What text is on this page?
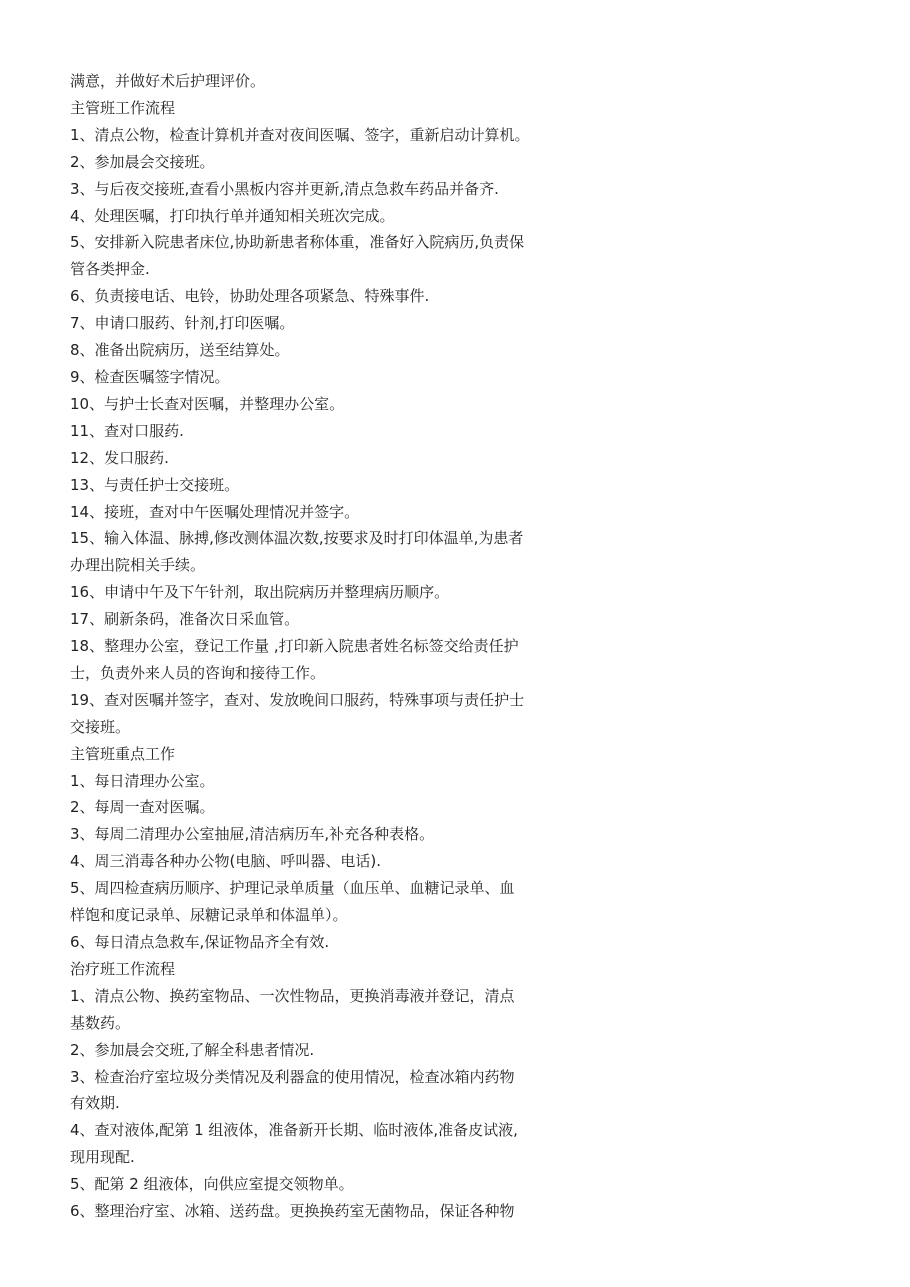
满意，并做好术后护理评价。
主管班工作流程
1、清点公物，检查计算机并查对夜间医嘱、签字，重新启动计算机。
2、参加晨会交接班。
3、与后夜交接班,查看小黑板内容并更新,清点急救车药品并备齐.
4、处理医嘱，打印执行单并通知相关班次完成。
5、安排新入院患者床位,协助新患者称体重，准备好入院病历,负责保
管各类押金.
6、负责接电话、电铃，协助处理各项紧急、特殊事件.
7、申请口服药、针剂,打印医嘱。
8、准备出院病历，送至结算处。
9、检查医嘱签字情况。
10、与护士长查对医嘱，并整理办公室。
11、查对口服药.
12、发口服药.
13、与责任护士交接班。
14、接班，查对中午医嘱处理情况并签字。
15、输入体温、脉搏,修改测体温次数,按要求及时打印体温单,为患者
办理出院相关手续。
16、申请中午及下午针剂，取出院病历并整理病历顺序。
17、刷新条码，准备次日采血管。
18、整理办公室，登记工作量 ,打印新入院患者姓名标签交给责任护
士，负责外来人员的咨询和接待工作。
19、查对医嘱并签字，查对、发放晚间口服药，特殊事项与责任护士
交接班。
主管班重点工作
1、每日清理办公室。
2、每周一查对医嘱。
3、每周二清理办公室抽屉,清洁病历车,补充各种表格。
4、周三消毒各种办公物(电脑、呼叫器、电话).
5、周四检查病历顺序、护理记录单质量（血压单、血糖记录单、血
样饱和度记录单、尿糖记录单和体温单）。
6、每日清点急救车,保证物品齐全有效.
治疗班工作流程
1、清点公物、换药室物品、一次性物品，更换消毒液并登记，清点
基数药。
2、参加晨会交班,了解全科患者情况.
3、检查治疗室垃圾分类情况及利器盒的使用情况，检查冰箱内药物
有效期.
4、查对液体,配第 1 组液体，准备新开长期、临时液体,准备皮试液,
现用现配.
5、配第 2 组液体，向供应室提交领物单。
6、整理治疗室、冰箱、送药盘。更换换药室无菌物品，保证各种物
